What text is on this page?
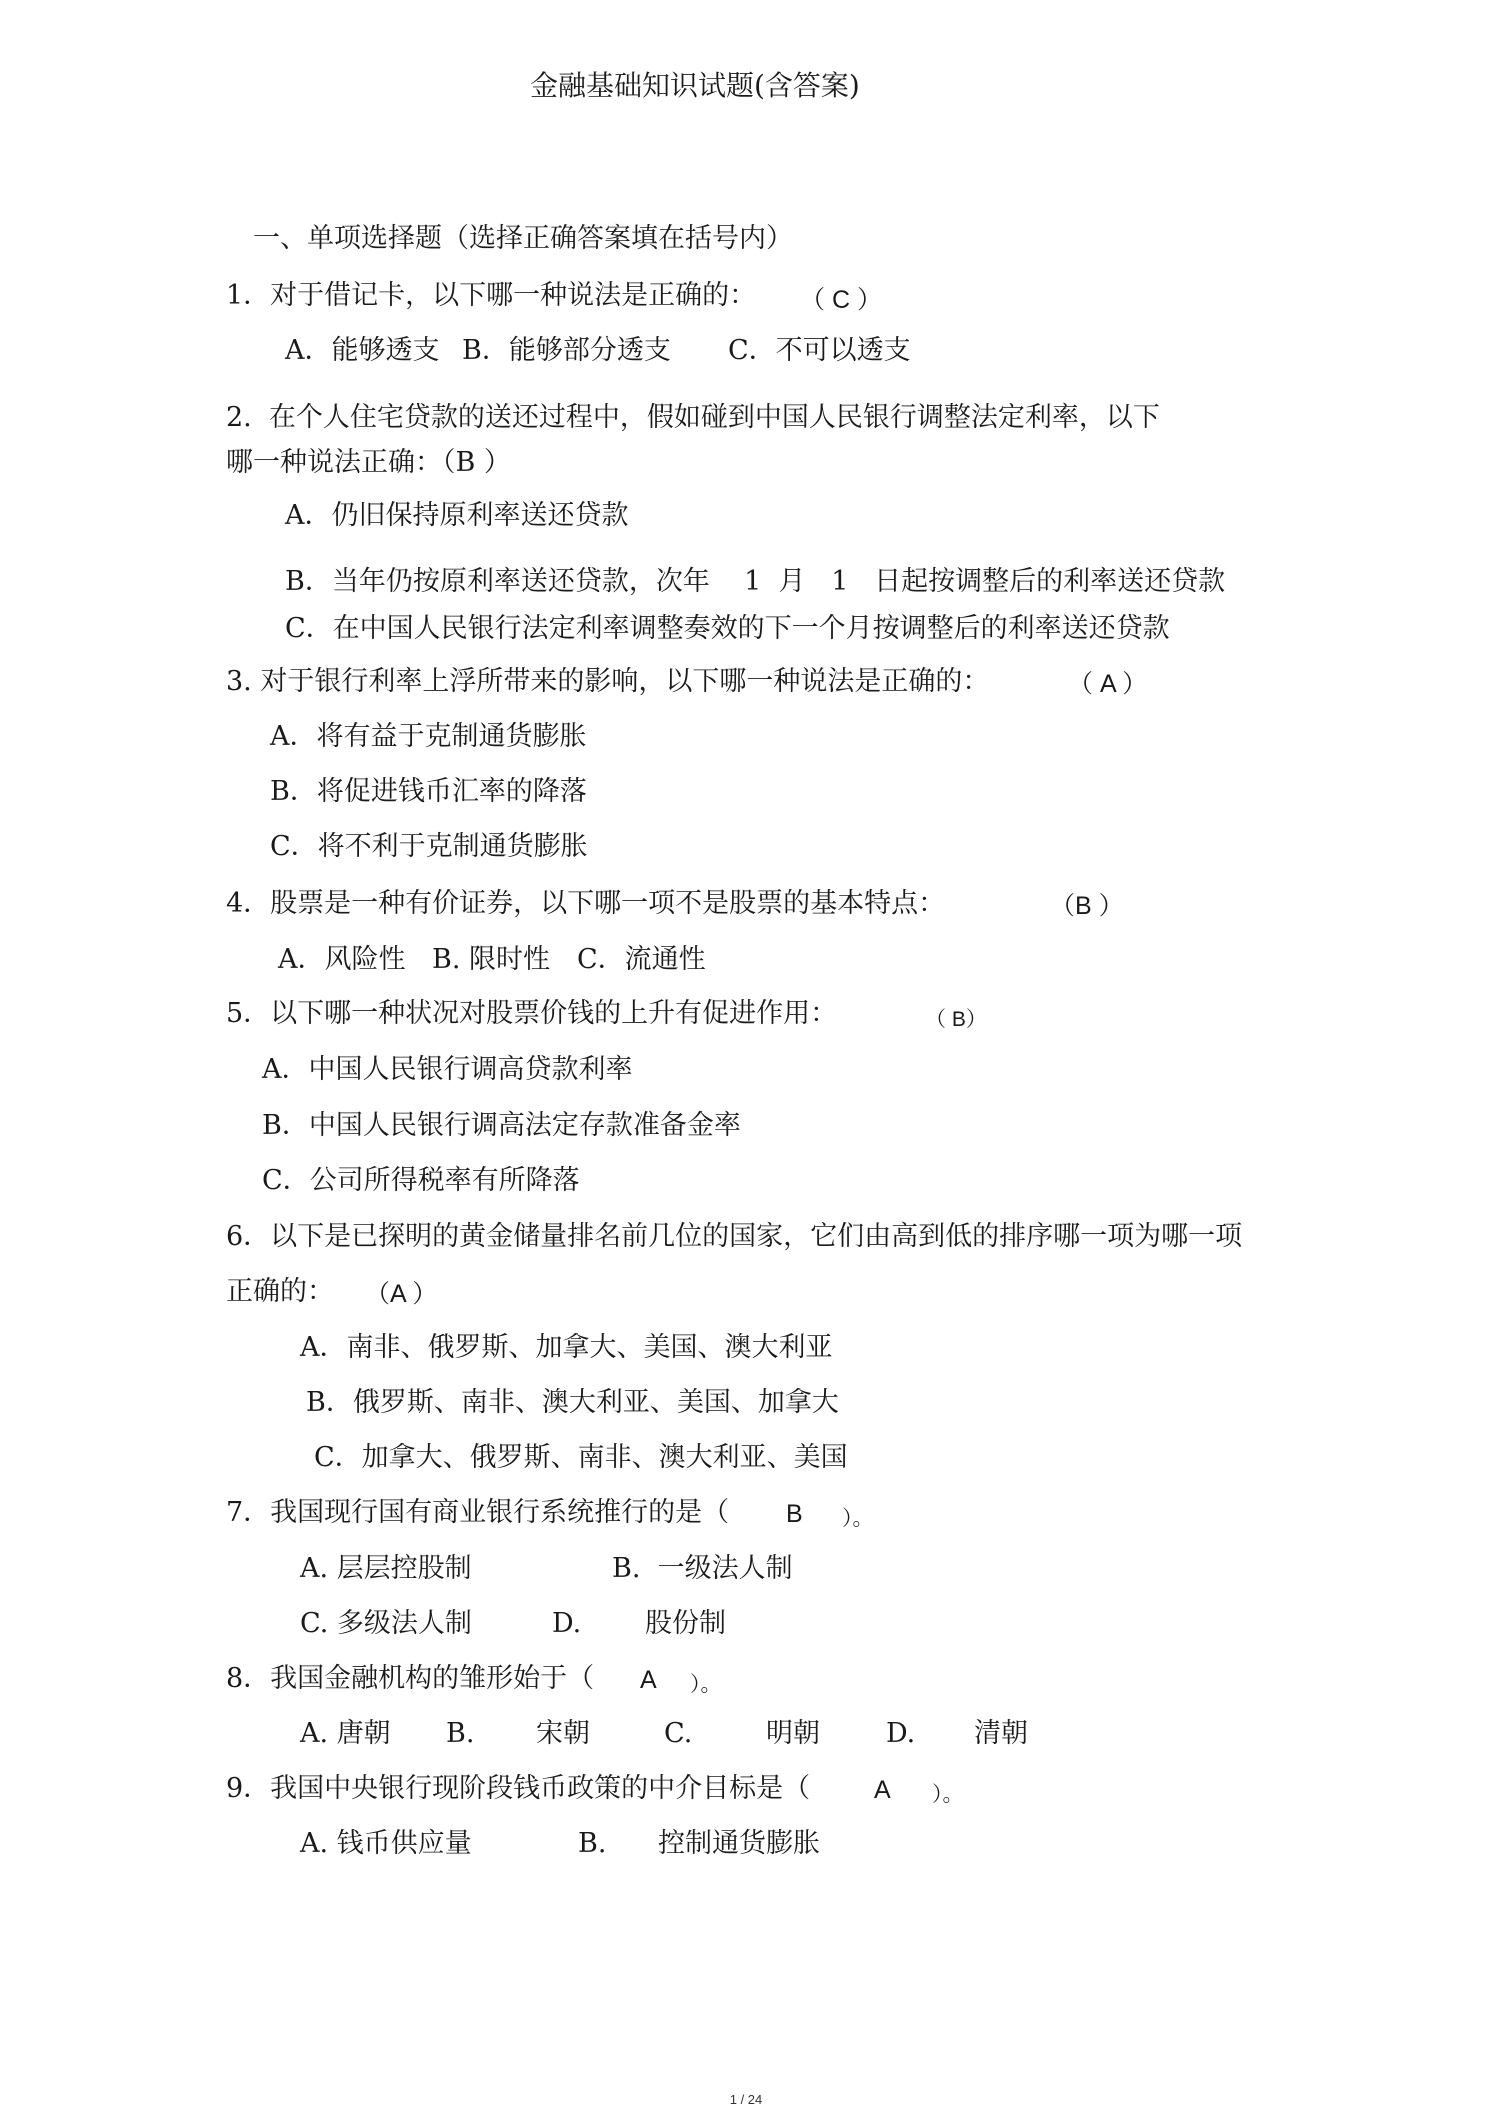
金融基础知识试题(含答案)
一、单项选择题（选择正确答案填在括号内）
1．对于借记卡，以下哪一种说法是正确的： （ C ）
A．能够透支 B．能够部分透支 C．不可以透支
2.  在个人住宅贷款的送还过程中，假如碰到中国人民银行调整法定利率，以下
哪一种说法正确：（B ）
A．仍旧保持原利率送还贷款
B．当年仍按原利率送还贷款，次年    1  月   1   日起按调整后的利率送还贷款
C．在中国人民银行法定利率调整奏效的下一个月按调整后的利率送还贷款
3. 对于银行利率上浮所带来的影响，以下哪一种说法是正确的：	（ A ）
A．将有益于克制通货膨胀
B．将促进钱币汇率的降落
C．将不利于克制通货膨胀
4．股票是一种有价证券，以下哪一项不是股票的基本特点：	（B ）
A．风险性 B. 限时性 C．流通性
5．以下哪一种状况对股票价钱的上升有促进作用：	（ B）
A．中国人民银行调高贷款利率
B．中国人民银行调高法定存款准备金率
C．公司所得税率有所降落
6．以下是已探明的黄金储量排名前几位的国家，它们由高到低的排序哪一项为哪一项
正确的： （A ）
A．南非、俄罗斯、加拿大、美国、澳大利亚
B．俄罗斯、南非、澳大利亚、美国、加拿大
C．加拿大、俄罗斯、南非、澳大利亚、美国
7．我国现行国有商业银行系统推行的是（ B ）。
A. 层层控股制	B.  一级法人制
C. 多级法人制	D. 股份制
8．我国金融机构的雏形始于（ A ）。
A. 唐朝 B. 宋朝	C.	明朝 D. 清朝
9．我国中央银行现阶段钱币政策的中介目标是（	A ）。
A. 钱币供应量	B. 控制通货膨胀
1 / 24
